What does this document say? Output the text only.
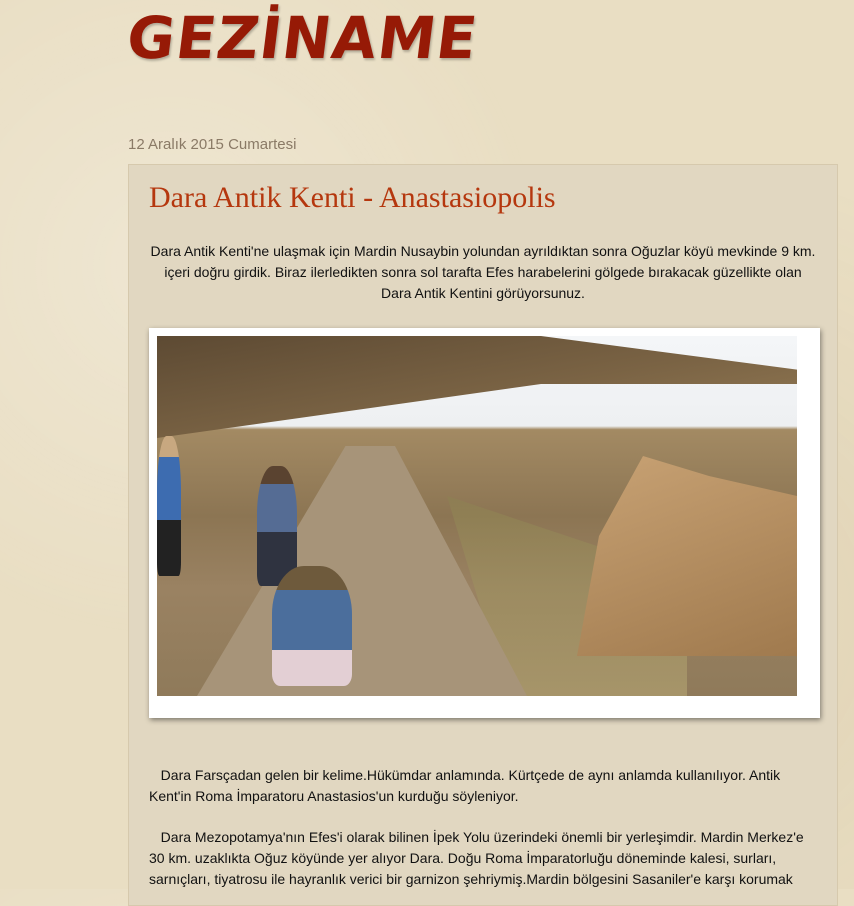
GEZİNAME
12 Aralık 2015 Cumartesi
Dara Antik Kenti - Anastasiopolis

Dara Antik Kenti'ne ulaşmak için Mardin Nusaybin yolundan ayrıldıktan sonra Oğuzlar köyü mevkinde 9 km. içeri doğru girdik. Biraz ilerledikten sonra sol tarafta Efes harabelerini gölgede bırakacak güzellikte olan Dara Antik Kentini görüyorsunuz.

Dara Farsçadan gelen bir kelime.Hükümdar anlamında. Kürtçede de aynı anlamda kullanılıyor. Antik Kent'in Roma İmparatoru Anastasios'un kurduğu söyleniyor.

Dara Mezopotamya'nın Efes'i olarak bilinen İpek Yolu üzerindeki önemli bir yerleşimdir. Mardin Merkez'e 30 km. uzaklıkta Oğuz köyünde yer alıyor Dara. Doğu Roma İmparatorluğu döneminde kalesi, surları, sarnıçları, tiyatrosu ile hayranlık verici bir garnizon şehriymiş.Mardin bölgesini Sasaniler'e karşı korumak
